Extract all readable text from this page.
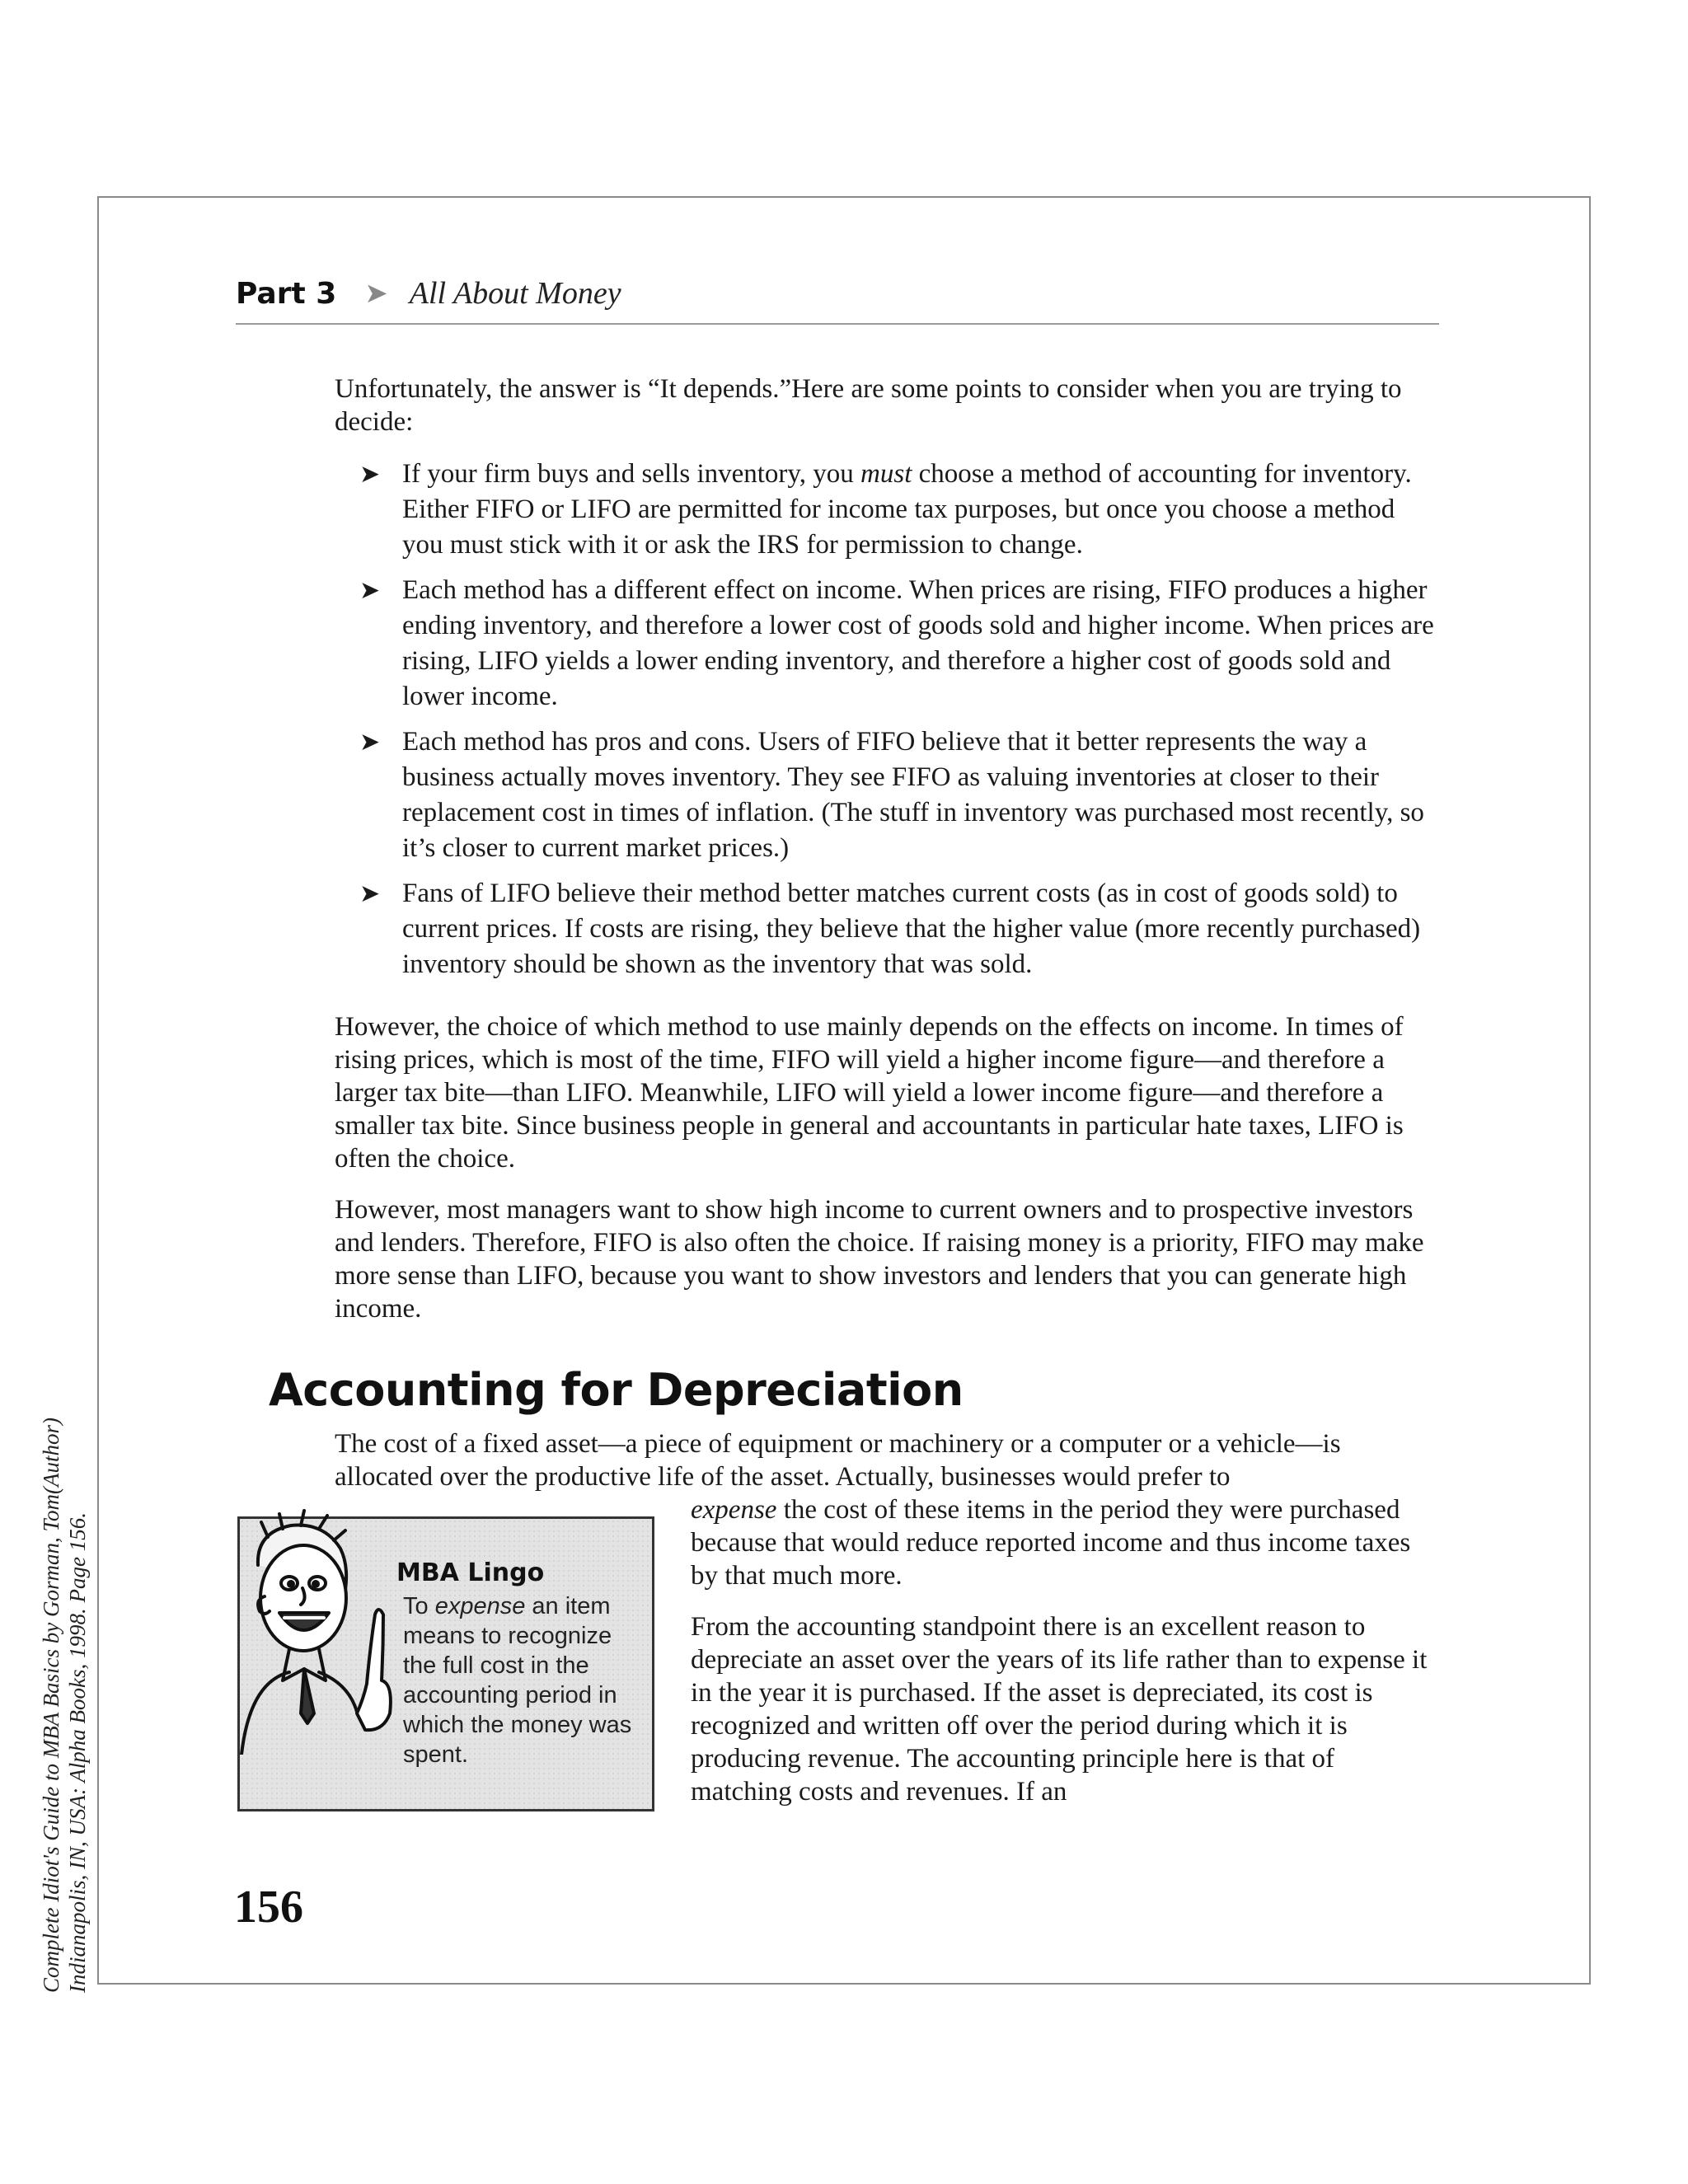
Complete Idiot's Guide to MBA Basics by Gorman, Tom(Author) Indianapolis, IN, USA: Alpha Books, 1998. Page 156.
Part 3 ➤ All About Money

Unfortunately, the answer is “It depends.”Here are some points to consider when you are trying to decide:

➤ If your firm buys and sells inventory, you must choose a method of accounting for inventory. Either FIFO or LIFO are permitted for income tax purposes, but once you choose a method you must stick with it or ask the IRS for permission to change.
➤ Each method has a different effect on income. When prices are rising, FIFO produces a higher ending inventory, and therefore a lower cost of goods sold and higher income. When prices are rising, LIFO yields a lower ending inventory, and therefore a higher cost of goods sold and lower income.
➤ Each method has pros and cons. Users of FIFO believe that it better represents the way a business actually moves inventory. They see FIFO as valuing inventories at closer to their replacement cost in times of inflation. (The stuff in inventory was purchased most recently, so it’s closer to current market prices.)
➤ Fans of LIFO believe their method better matches current costs (as in cost of goods sold) to current prices. If costs are rising, they believe that the higher value (more recently purchased) inventory should be shown as the inventory that was sold.

However, the choice of which method to use mainly depends on the effects on income. In times of rising prices, which is most of the time, FIFO will yield a higher income figure—and therefore a larger tax bite—than LIFO. Meanwhile, LIFO will yield a lower income figure—and therefore a smaller tax bite. Since business people in general and accountants in particular hate taxes, LIFO is often the choice.

However, most managers want to show high income to current owners and to prospective investors and lenders. Therefore, FIFO is also often the choice. If raising money is a priority, FIFO may make more sense than LIFO, because you want to show investors and lenders that you can generate high income.

Accounting for Depreciation

The cost of a fixed asset—a piece of equipment or machinery or a computer or a vehicle—is allocated over the productive life of the asset. Actually, businesses would prefer to

expense the cost of these items in the period they were purchased because that would reduce reported income and thus income taxes by that much more.

From the accounting standpoint there is an excellent reason to depreciate an asset over the years of its life rather than to expense it in the year it is purchased. If the asset is depreciated, its cost is recognized and written off over the period during which it is producing revenue. The accounting principle here is that of matching costs and revenues. If an

MBA Lingo

To expense an item means to recognize the full cost in the accounting period in which the money was spent.

156
